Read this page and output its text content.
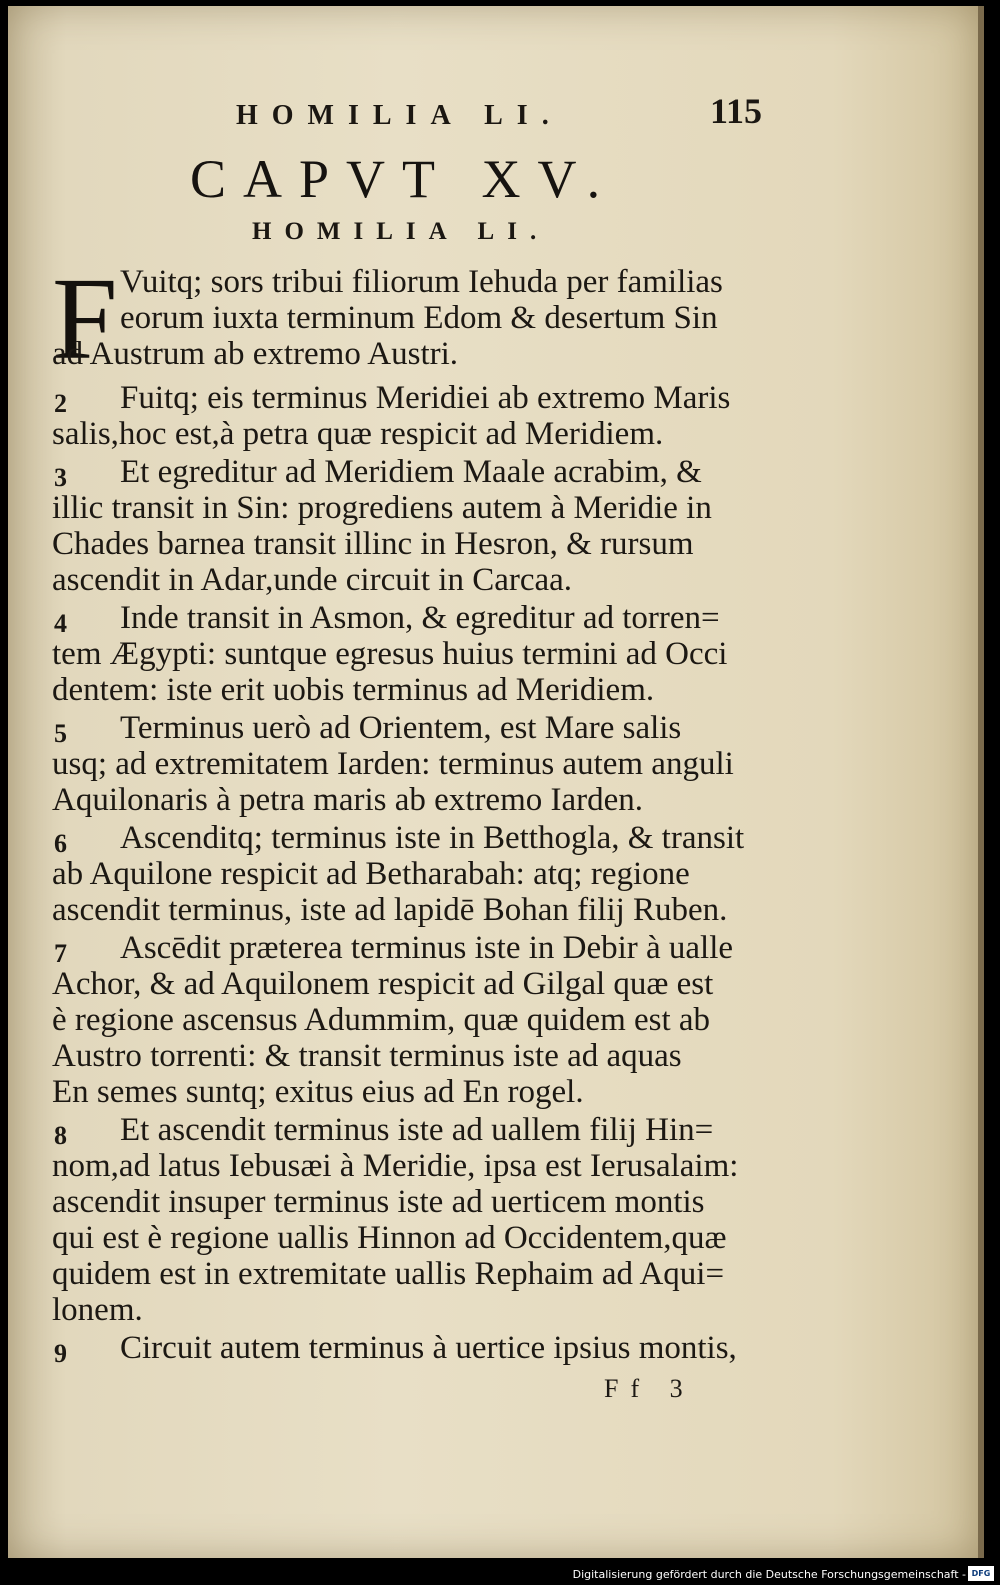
HOMILIA LI.	115
CAPVT XV.
HOMILIA LI.
F Vuitq; sors tribui filiorum Iehuda per familias
eorum iuxta terminum Edom & desertum Sin
ad Austrum ab extremo Austri.
2 Fuitq; eis terminus Meridiei ab extremo Maris
salis,hoc est,à petra quæ respicit ad Meridiem.
3 Et egreditur ad Meridiem Maale acrabim, &
illic transit in Sin: progrediens autem à Meridie in
Chades barnea transit illinc in Hesron, & rursum
ascendit in Adar,unde circuit in Carcaa.
4 Inde transit in Asmon, & egreditur ad torren=
tem Ægypti: suntque egresus huius termini ad Occi
dentem: iste erit uobis terminus ad Meridiem.
5 Terminus uerò ad Orientem, est Mare salis
usq; ad extremitatem Iarden: terminus autem anguli
Aquilonaris à petra maris ab extremo Iarden.
6 Ascenditq; terminus iste in Betthogla, & transit
ab Aquilone respicit ad Betharabah: atq; regione
ascendit terminus, iste ad lapidē Bohan filij Ruben.
7 Ascēdit præterea terminus iste in Debir à ualle
Achor, & ad Aquilonem respicit ad Gilgal quæ est
è regione ascensus Adummim, quæ quidem est ab
Austro torrenti: & transit terminus iste ad aquas
En semes suntq; exitus eius ad En rogel.
8 Et ascendit terminus iste ad uallem filij Hin=
nom,ad latus Iebusæi à Meridie, ipsa est Ierusalaim:
ascendit insuper terminus iste ad uerticem montis
qui est è regione uallis Hinnon ad Occidentem,quæ
quidem est in extremitate uallis Rephaim ad Aqui=
lonem.
9 Circuit autem terminus à uertice ipsius montis,
Ff 3
Digitalisierung gefördert durch die Deutsche Forschungsgemeinschaft - DFG
